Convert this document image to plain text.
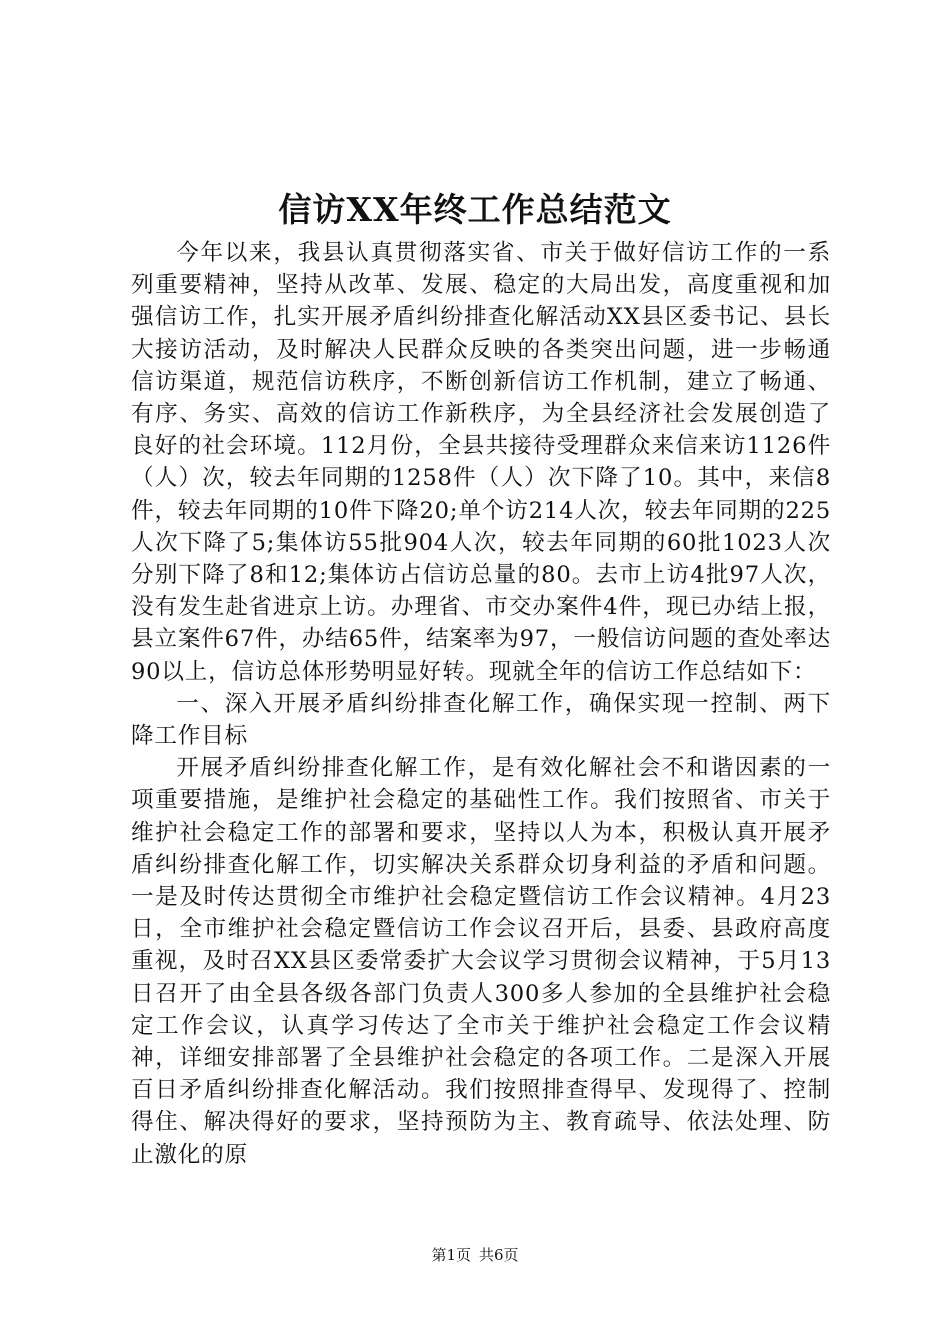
信访XX年终工作总结范文

今年以来，我县认真贯彻落实省、市关于做好信访工作的一系列重要精神，坚持从改革、发展、稳定的大局出发，高度重视和加强信访工作，扎实开展矛盾纠纷排查化解活动XX县区委书记、县长大接访活动，及时解决人民群众反映的各类突出问题，进一步畅通信访渠道，规范信访秩序，不断创新信访工作机制，建立了畅通、有序、务实、高效的信访工作新秩序，为全县经济社会发展创造了良好的社会环境。112月份，全县共接待受理群众来信来访1126件（人）次，较去年同期的1258件（人）次下降了10。其中，来信8件，较去年同期的10件下降20;单个访214人次，较去年同期的225人次下降了5;集体访55批904人次，较去年同期的60批1023人次分别下降了8和12;集体访占信访总量的80。去市上访4批97人次，没有发生赴省进京上访。办理省、市交办案件4件，现已办结上报，县立案件67件，办结65件，结案率为97，一般信访问题的查处率达90以上，信访总体形势明显好转。现就全年的信访工作总结如下：

一、深入开展矛盾纠纷排查化解工作，确保实现一控制、两下降工作目标

开展矛盾纠纷排查化解工作，是有效化解社会不和谐因素的一项重要措施，是维护社会稳定的基础性工作。我们按照省、市关于维护社会稳定工作的部署和要求，坚持以人为本，积极认真开展矛盾纠纷排查化解工作，切实解决关系群众切身利益的矛盾和问题。一是及时传达贯彻全市维护社会稳定暨信访工作会议精神。4月23日，全市维护社会稳定暨信访工作会议召开后，县委、县政府高度重视，及时召XX县区委常委扩大会议学习贯彻会议精神，于5月13日召开了由全县各级各部门负责人300多人参加的全县维护社会稳定工作会议，认真学习传达了全市关于维护社会稳定工作会议精神，详细安排部署了全县维护社会稳定的各项工作。二是深入开展百日矛盾纠纷排查化解活动。我们按照排查得早、发现得了、控制得住、解决得好的要求，坚持预防为主、教育疏导、依法处理、防止激化的原

第1页 共6页
